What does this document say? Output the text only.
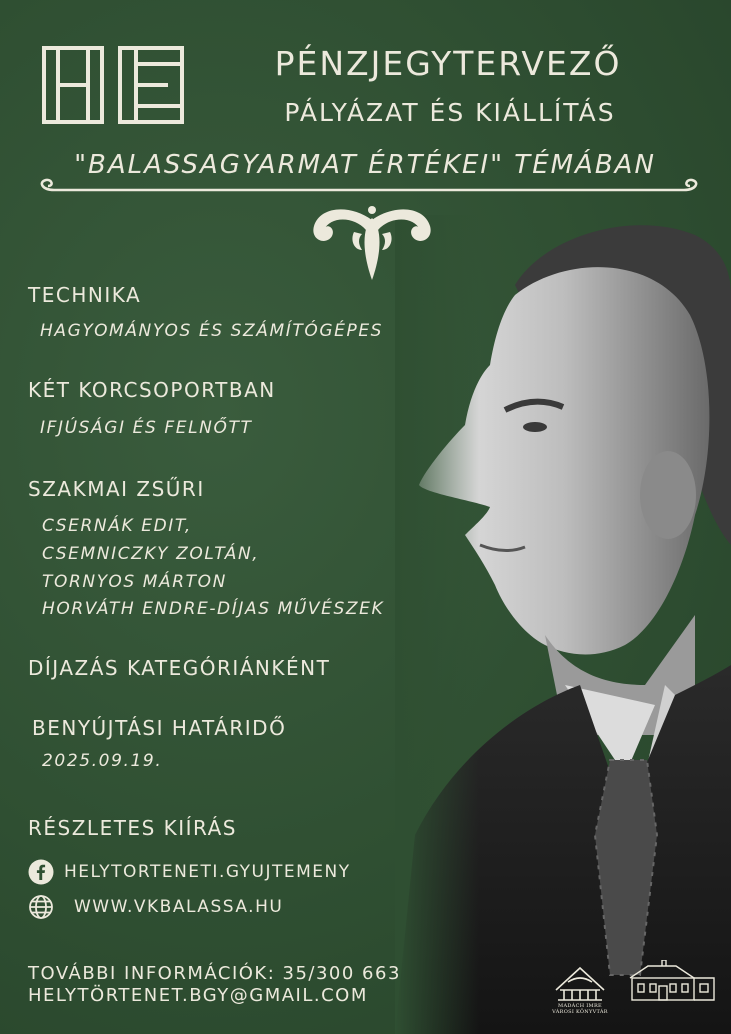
PÉNZJEGYTERVEZŐ
PÁLYÁZAT ÉS KIÁLLÍTÁS
"BALASSAGYARMAT ÉRTÉKEI" TÉMÁBAN
TECHNIKA
HAGYOMÁNYOS ÉS SZÁMÍTÓGÉPES
KÉT KORCSOPORTBAN
IFJÚSÁGI ÉS FELNŐTT
SZAKMAI ZSŰRI
CSERNÁK EDIT,
CSEMNICZKY ZOLTÁN,
TORNYOS MÁRTON
HORVÁTH ENDRE-DÍJAS MŰVÉSZEK
DÍJAZÁS KATEGÓRIÁNKÉNT
BENYÚJTÁSI HATÁRIDŐ
2025.09.19.
RÉSZLETES KIÍRÁS
HELYTORTENETI.GYUJTEMENY
WWW.VKBALASSA.HU
TOVÁBBI INFORMÁCIÓK: 35/300 663
HELYTÖRTENET.BGY@GMAIL.COM	MADÁCH IMRE VÁROSI KÖNYVTÁR
